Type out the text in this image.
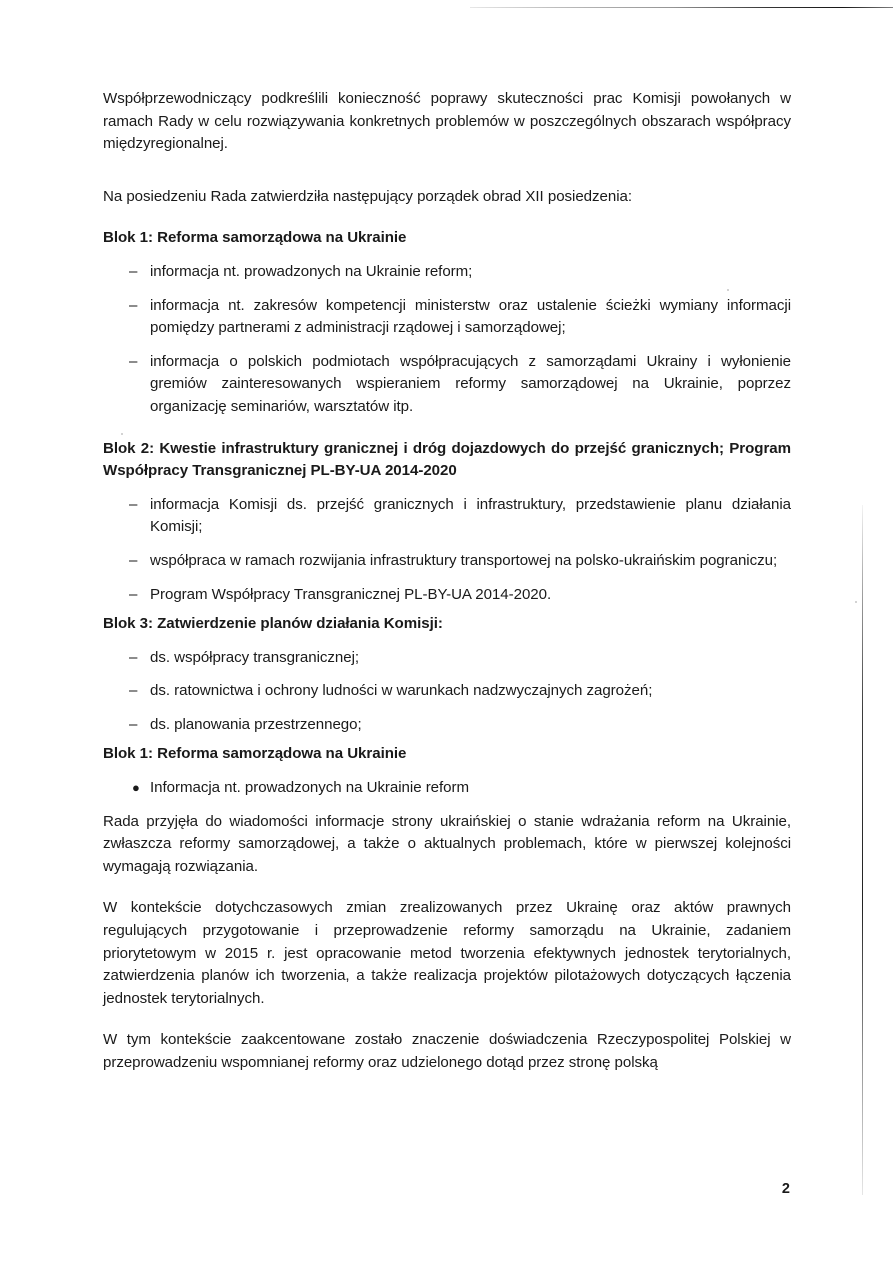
Współprzewodniczący podkreślili konieczność poprawy skuteczności prac Komisji powołanych w ramach Rady w celu rozwiązywania konkretnych problemów w poszczególnych obszarach współpracy międzyregionalnej.

Na posiedzeniu Rada zatwierdziła następujący porządek obrad XII posiedzenia:

Blok 1: Reforma samorządowa na Ukrainie

– informacja nt. prowadzonych na Ukrainie reform;
– informacja nt. zakresów kompetencji ministerstw oraz ustalenie ścieżki wymiany informacji pomiędzy partnerami z administracji rządowej i samorządowej;
– informacja o polskich podmiotach współpracujących z samorządami Ukrainy i wyłonienie gremiów zainteresowanych wspieraniem reformy samorządowej na Ukrainie, poprzez organizację seminariów, warsztatów itp.

Blok 2: Kwestie infrastruktury granicznej i dróg dojazdowych do przejść granicznych; Program Współpracy Transgranicznej PL-BY-UA 2014-2020

– informacja Komisji ds. przejść granicznych i infrastruktury, przedstawienie planu działania Komisji;
– współpraca w ramach rozwijania infrastruktury transportowej na polsko-ukraińskim pograniczu;
– Program Współpracy Transgranicznej PL-BY-UA 2014-2020.

Blok 3: Zatwierdzenie planów działania Komisji:

– ds. współpracy transgranicznej;
– ds. ratownictwa i ochrony ludności w warunkach nadzwyczajnych zagrożeń;
– ds. planowania przestrzennego;

Blok 1: Reforma samorządowa na Ukrainie

● Informacja nt. prowadzonych na Ukrainie reform

Rada przyjęła do wiadomości informacje strony ukraińskiej o stanie wdrażania reform na Ukrainie, zwłaszcza reformy samorządowej, a także o aktualnych problemach, które w pierwszej kolejności wymagają rozwiązania.

W kontekście dotychczasowych zmian zrealizowanych przez Ukrainę oraz aktów prawnych regulujących przygotowanie i przeprowadzenie reformy samorządu na Ukrainie, zadaniem priorytetowym w 2015 r. jest opracowanie metod tworzenia efektywnych jednostek terytorialnych, zatwierdzenia planów ich tworzenia, a także realizacja projektów pilotażowych dotyczących łączenia jednostek terytorialnych.

W tym kontekście zaakcentowane zostało znaczenie doświadczenia Rzeczypospolitej Polskiej w przeprowadzeniu wspomnianej reformy oraz udzielonego dotąd przez stronę polską

2
